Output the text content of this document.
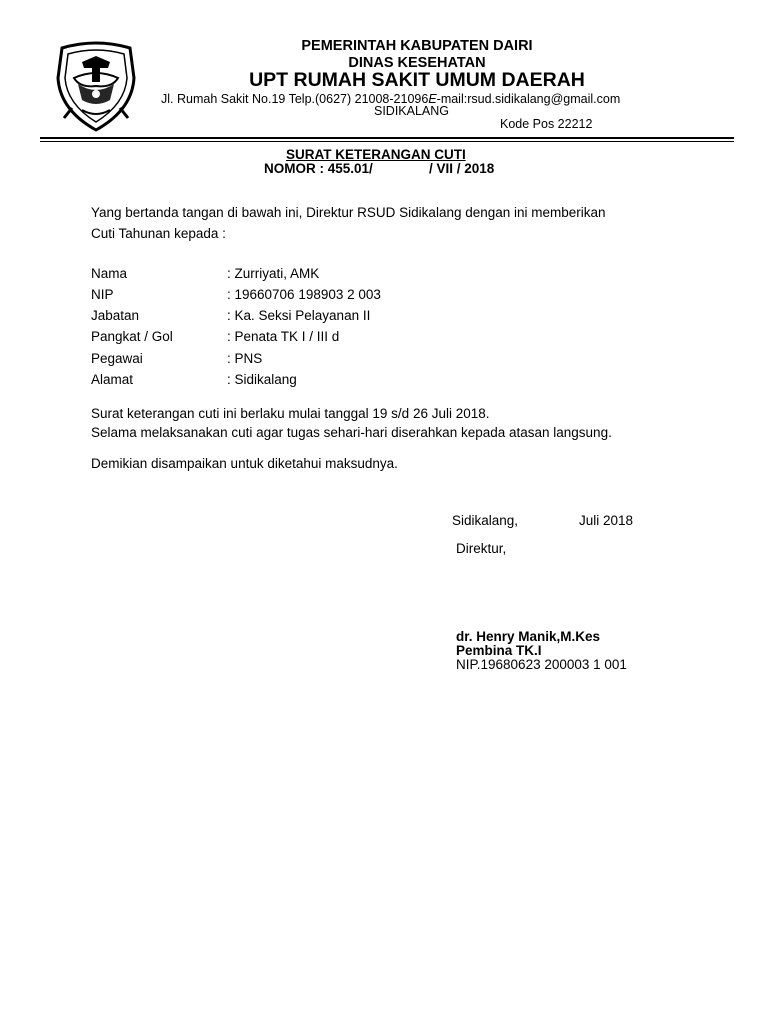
PEMERINTAH KABUPATEN DAIRI
DINAS KESEHATAN
UPT RUMAH SAKIT UMUM DAERAH
Jl. Rumah Sakit No.19 Telp.(0627) 21008-21096E-mail:rsud.sidikalang@gmail.com
SIDIKALANG
Kode Pos 22212
SURAT KETERANGAN CUTI
NOMOR : 455.01/	/ VII / 2018
Yang bertanda tangan di bawah ini, Direktur RSUD Sidikalang dengan ini memberikan
Cuti Tahunan kepada :
Nama	: Zurriyati, AMK
NIP	: 19660706 198903 2 003
Jabatan	: Ka. Seksi Pelayanan II
Pangkat / Gol	: Penata TK I / III d
Pegawai	: PNS
Alamat	: Sidikalang
Surat keterangan cuti ini berlaku mulai tanggal 19 s/d 26 Juli 2018.
Selama melaksanakan cuti agar tugas sehari-hari diserahkan kepada atasan langsung.
Demikian disampaikan untuk diketahui maksudnya.
Sidikalang,	Juli 2018
Direktur,
dr. Henry Manik,M.Kes
Pembina TK.I
NIP.19680623 200003 1 001
